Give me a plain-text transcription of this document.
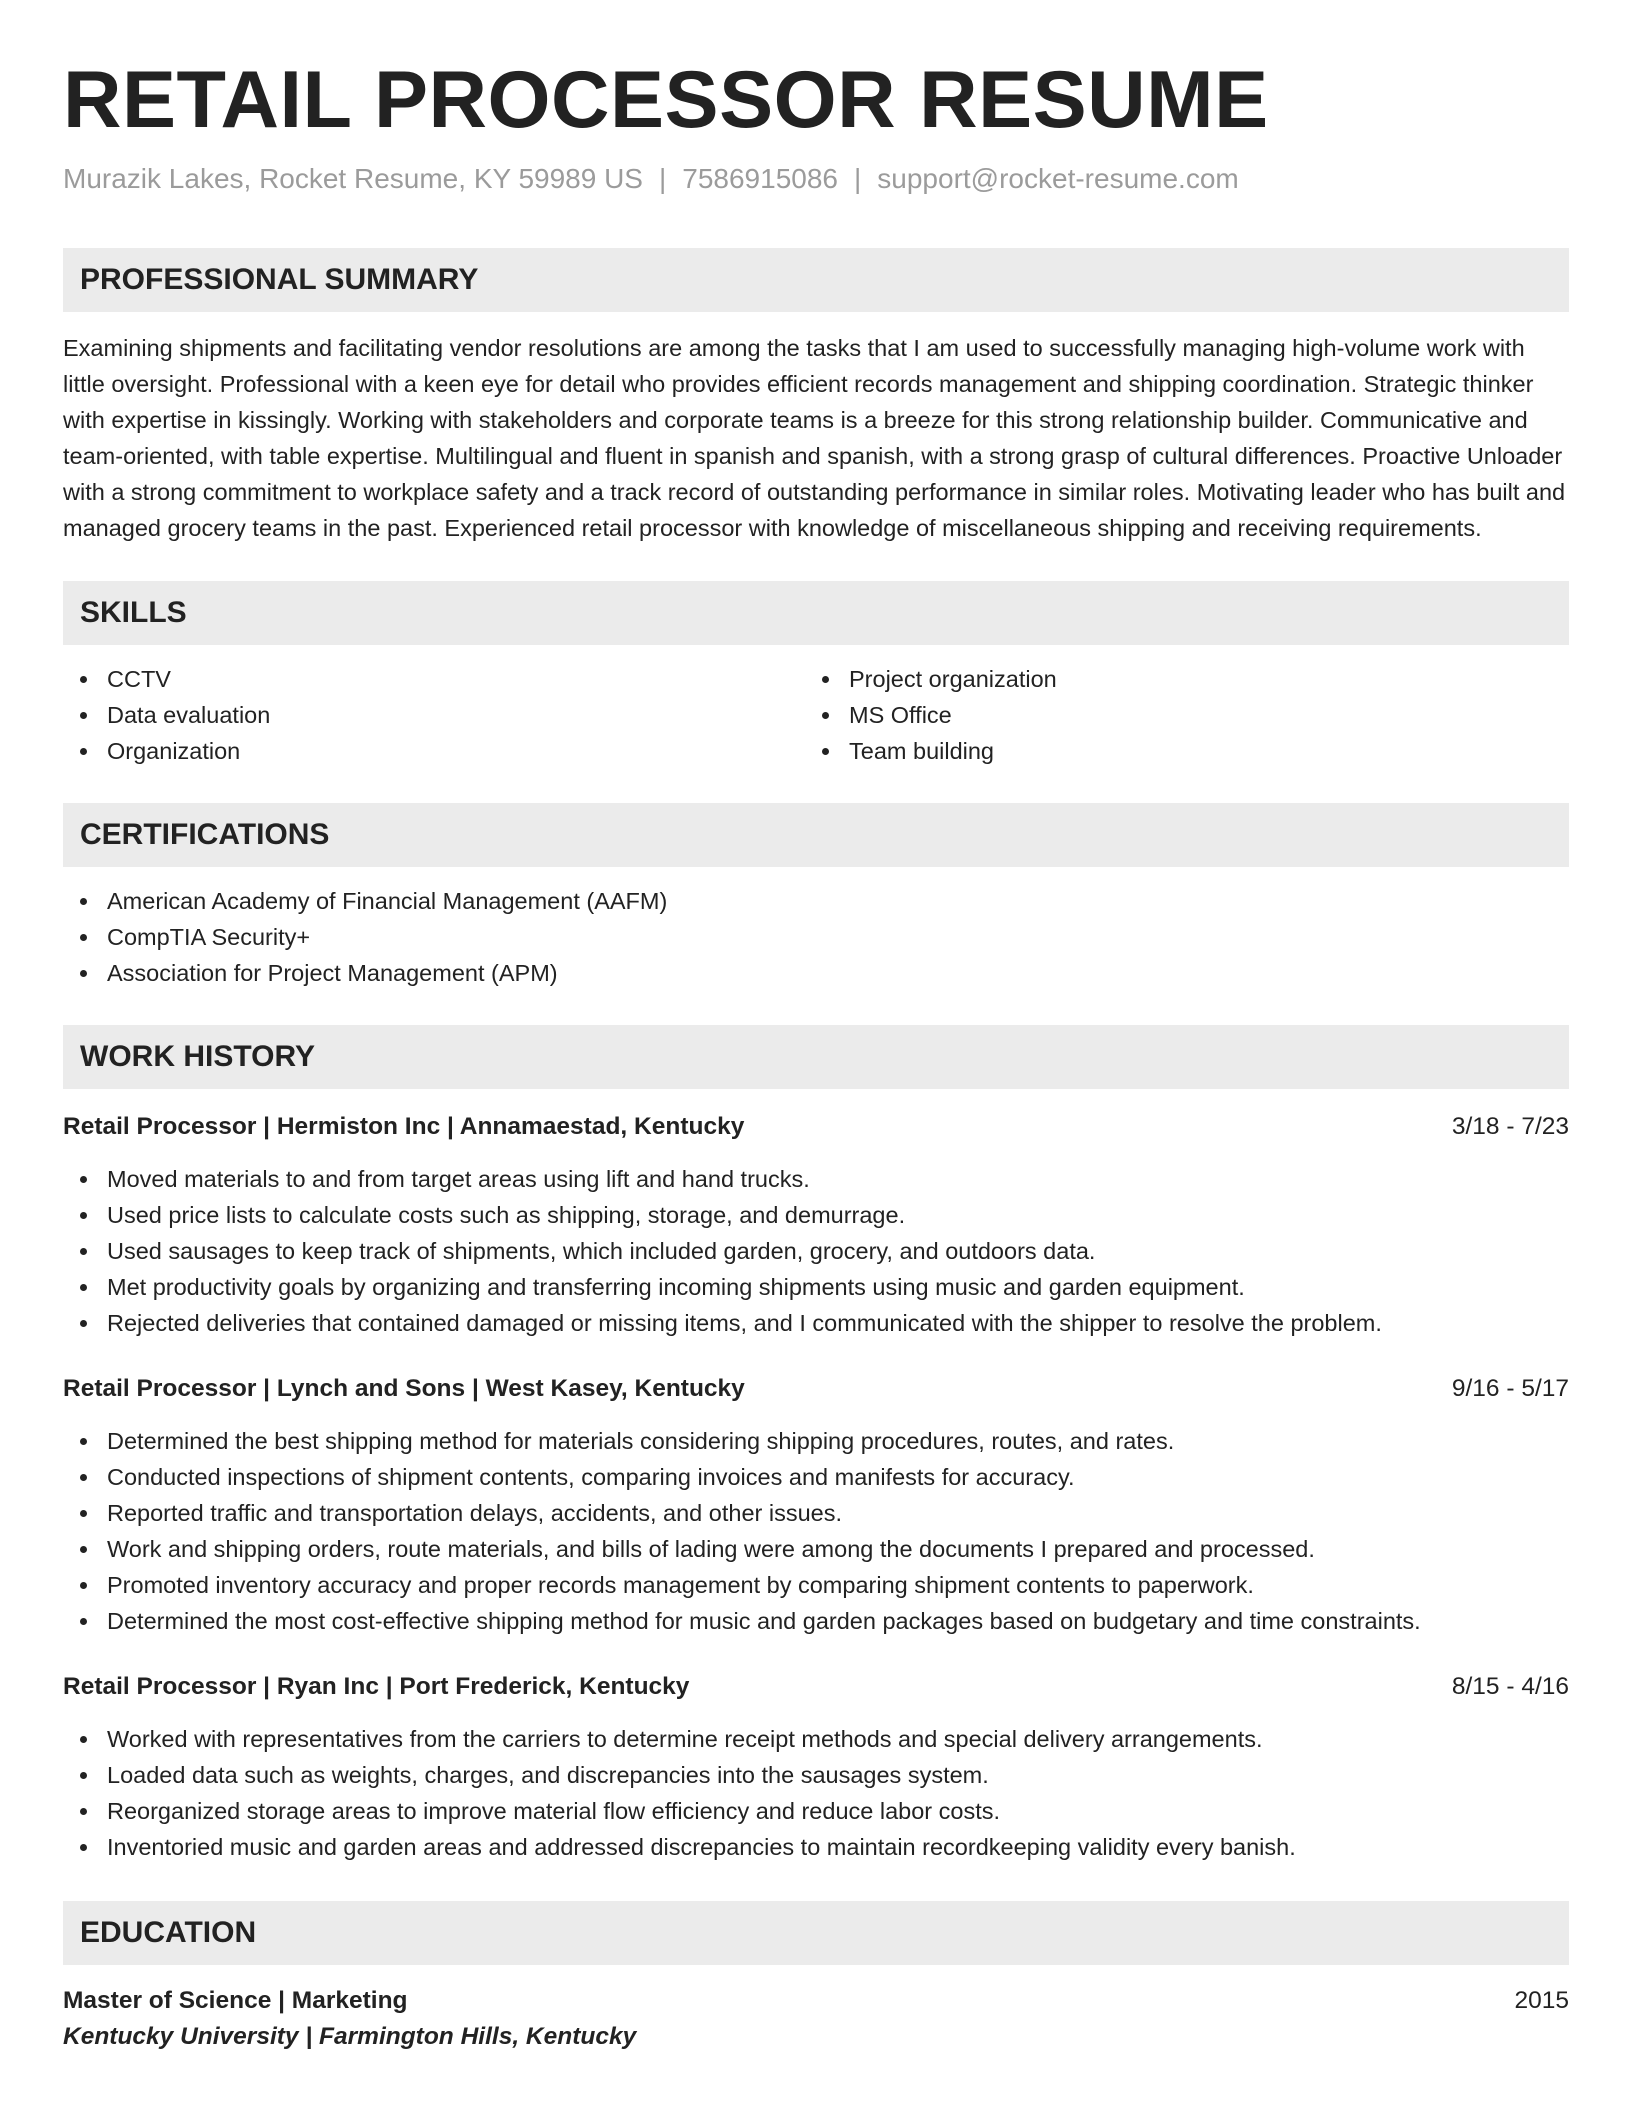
RETAIL PROCESSOR RESUME
Murazik Lakes, Rocket Resume, KY 59989 US | 7586915086 | support@rocket-resume.com
PROFESSIONAL SUMMARY

Examining shipments and facilitating vendor resolutions are among the tasks that I am used to successfully managing high-volume work with little oversight. Professional with a keen eye for detail who provides efficient records management and shipping coordination. Strategic thinker with expertise in kissingly. Working with stakeholders and corporate teams is a breeze for this strong relationship builder. Communicative and team-oriented, with table expertise. Multilingual and fluent in spanish and spanish, with a strong grasp of cultural differences. Proactive Unloader with a strong commitment to workplace safety and a track record of outstanding performance in similar roles. Motivating leader who has built and managed grocery teams in the past. Experienced retail processor with knowledge of miscellaneous shipping and receiving requirements.

SKILLS
CCTV
Data evaluation
Organization
Project organization
MS Office
Team building
CERTIFICATIONS
American Academy of Financial Management (AAFM)
CompTIA Security+
Association for Project Management (APM)
WORK HISTORY
Retail Processor | Hermiston Inc | Annamaestad, Kentucky	3/18 - 7/23
Moved materials to and from target areas using lift and hand trucks.
Used price lists to calculate costs such as shipping, storage, and demurrage.
Used sausages to keep track of shipments, which included garden, grocery, and outdoors data.
Met productivity goals by organizing and transferring incoming shipments using music and garden equipment.
Rejected deliveries that contained damaged or missing items, and I communicated with the shipper to resolve the problem.
Retail Processor | Lynch and Sons | West Kasey, Kentucky	9/16 - 5/17
Determined the best shipping method for materials considering shipping procedures, routes, and rates.
Conducted inspections of shipment contents, comparing invoices and manifests for accuracy.
Reported traffic and transportation delays, accidents, and other issues.
Work and shipping orders, route materials, and bills of lading were among the documents I prepared and processed.
Promoted inventory accuracy and proper records management by comparing shipment contents to paperwork.
Determined the most cost-effective shipping method for music and garden packages based on budgetary and time constraints.
Retail Processor | Ryan Inc | Port Frederick, Kentucky	8/15 - 4/16
Worked with representatives from the carriers to determine receipt methods and special delivery arrangements.
Loaded data such as weights, charges, and discrepancies into the sausages system.
Reorganized storage areas to improve material flow efficiency and reduce labor costs.
Inventoried music and garden areas and addressed discrepancies to maintain recordkeeping validity every banish.
EDUCATION
Master of Science | Marketing	2015
Kentucky University | Farmington Hills, Kentucky
